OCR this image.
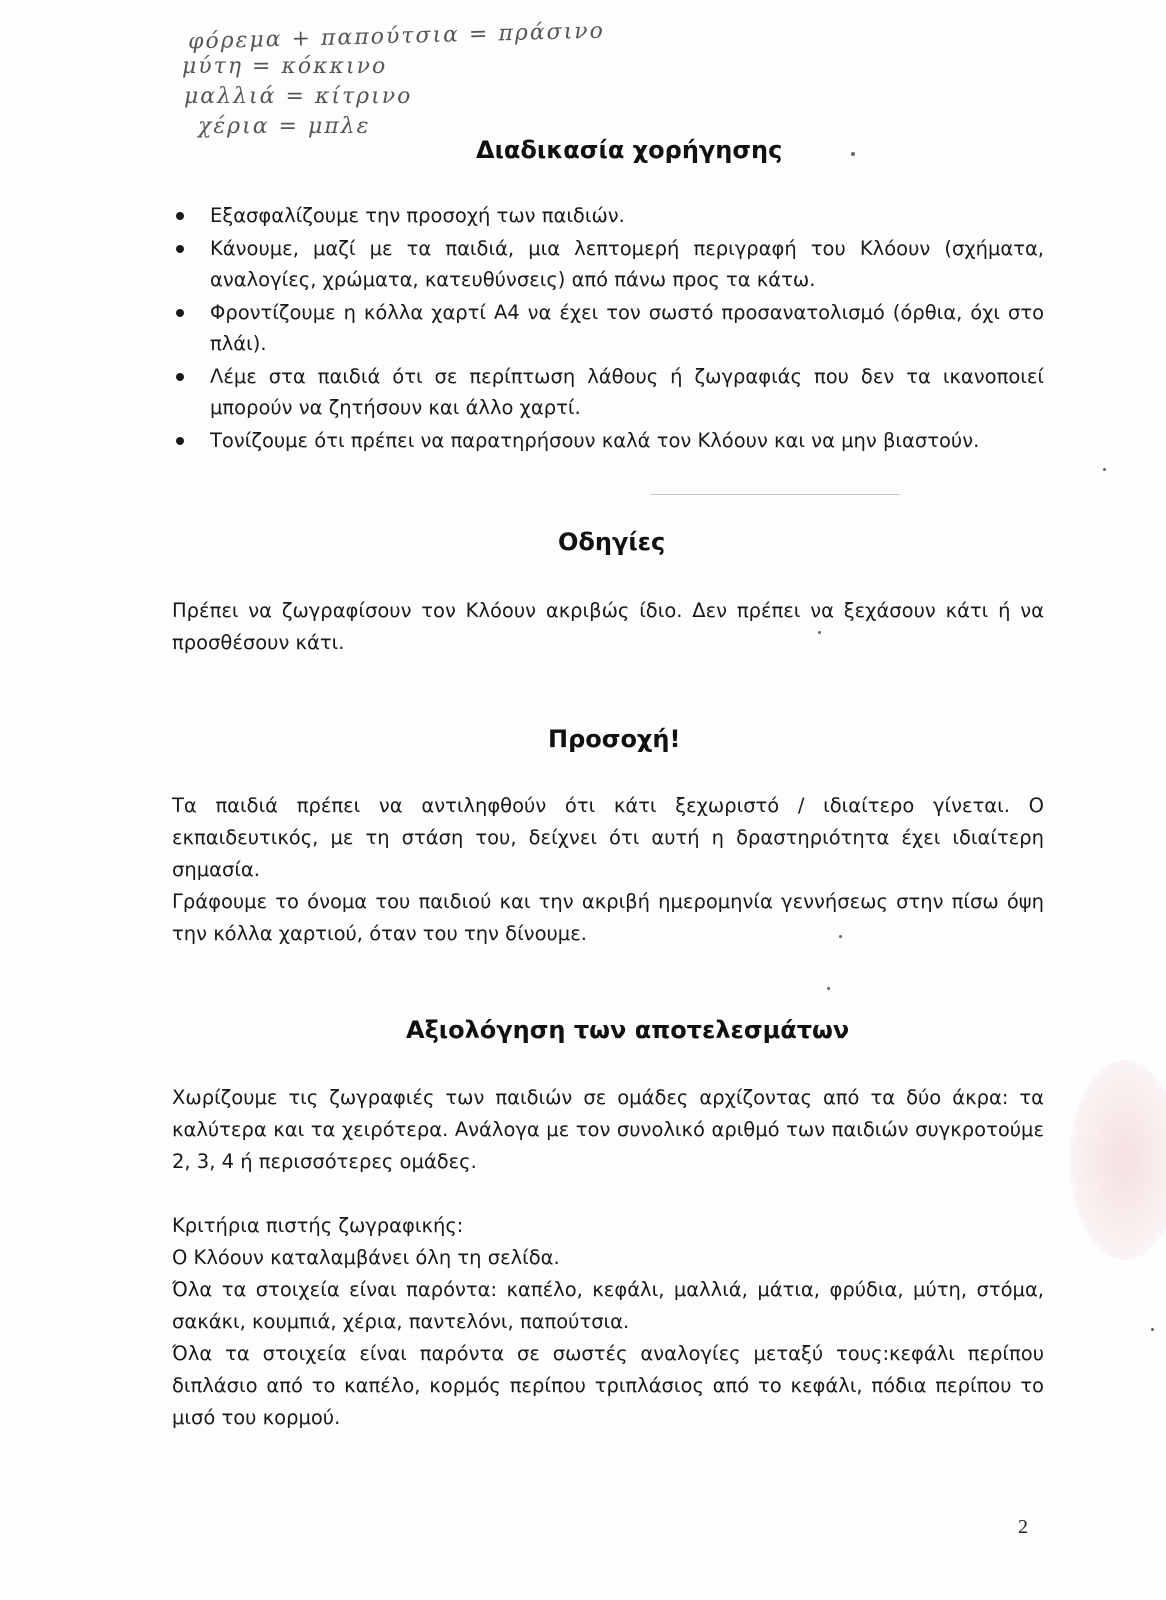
φόρεμα + παπούτσια = πράσινο
μύτη = κόκκινο
μαλλιά = κίτρινο
χέρια = μπλε
Διαδικασία χορήγησης
Εξασφαλίζουμε την προσοχή των παιδιών.
Κάνουμε, μαζί με τα παιδιά, μια λεπτομερή περιγραφή του Κλόουν (σχήματα, αναλογίες, χρώματα, κατευθύνσεις) από πάνω προς τα κάτω.
Φροντίζουμε η κόλλα χαρτί Α4 να έχει τον σωστό προσανατολισμό (όρθια, όχι στο πλάι).
Λέμε στα παιδιά ότι σε περίπτωση λάθους ή ζωγραφιάς που δεν τα ικανοποιεί μπορούν να ζητήσουν και άλλο χαρτί.
Τονίζουμε ότι πρέπει να παρατηρήσουν καλά τον Κλόουν και να μην βιαστούν.
Οδηγίες

Πρέπει να ζωγραφίσουν τον Κλόουν ακριβώς ίδιο. Δεν πρέπει να ξεχάσουν κάτι ή να προσθέσουν κάτι.

Προσοχή!

Τα παιδιά πρέπει να αντιληφθούν ότι κάτι ξεχωριστό / ιδιαίτερο γίνεται. Ο εκπαιδευτικός, με τη στάση του, δείχνει ότι αυτή η δραστηριότητα έχει ιδιαίτερη σημασία.

Γράφουμε το όνομα του παιδιού και την ακριβή ημερομηνία γεννήσεως στην πίσω όψη την κόλλα χαρτιού, όταν του την δίνουμε.

Αξιολόγηση των αποτελεσμάτων

Χωρίζουμε τις ζωγραφιές των παιδιών σε ομάδες αρχίζοντας από τα δύο άκρα: τα καλύτερα και τα χειρότερα. Ανάλογα με τον συνολικό αριθμό των παιδιών συγκροτούμε 2, 3, 4 ή περισσότερες ομάδες.

Κριτήρια πιστής ζωγραφικής:

Ο Κλόουν καταλαμβάνει όλη τη σελίδα.

Όλα τα στοιχεία είναι παρόντα: καπέλο, κεφάλι, μαλλιά, μάτια, φρύδια, μύτη, στόμα, σακάκι, κουμπιά, χέρια, παντελόνι, παπούτσια.

Όλα τα στοιχεία είναι παρόντα σε σωστές αναλογίες μεταξύ τους:κεφάλι περίπου διπλάσιο από το καπέλο, κορμός περίπου τριπλάσιος από το κεφάλι, πόδια περίπου το μισό του κορμού.

2
